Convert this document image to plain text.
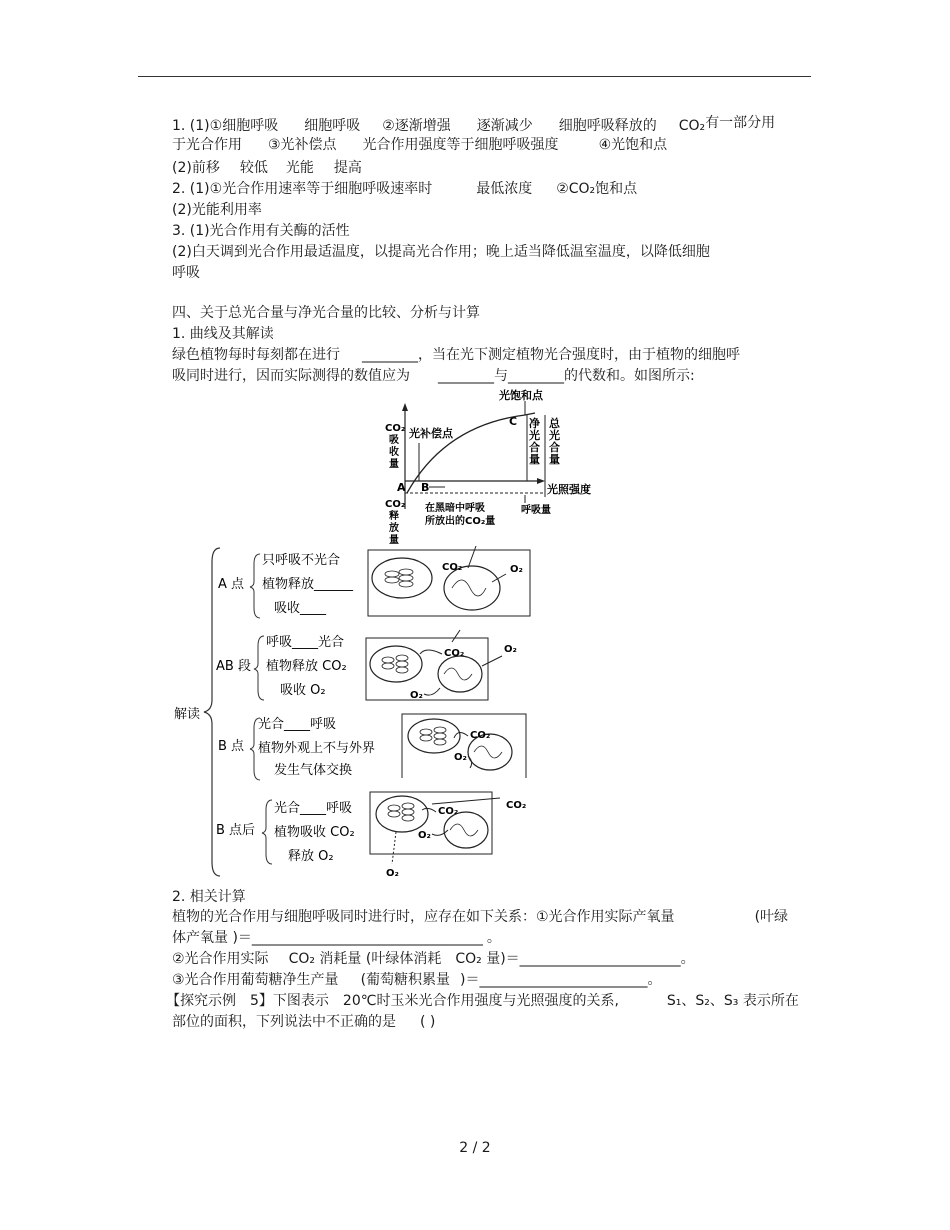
1. (1)①细胞呼吸 细胞呼吸 ②逐渐增强 逐渐减少 细胞呼吸释放的 CO₂有一部分用
于光合作用 ③光补偿点 光合作用强度等于细胞呼吸强度	④光饱和点
(2)前移 较低 光能 提高
2. (1)①光合作用速率等于细胞呼吸速率时	最低浓度 ②CO₂饱和点
(2)光能利用率
3. (1)光合作用有关酶的活性
(2)白天调到光合作用最适温度，以提高光合作用；晚上适当降低温室温度，以降低细胞
呼吸
四、关于总光合量与净光合量的比较、分析与计算
1. 曲线及其解读
绿色植物每时每刻都在进行 ________，当在光下测定植物光合强度时，由于植物的细胞呼
吸同时进行，因而实际测得的数值应为 ________与________的代数和。如图所示:
光饱和点
C
CO₂ 吸 收 量
光补偿点
净 光 合 量
总 光 合 量
A B	光照强度
CO₂ 释 放 量
在黑暗中呼吸
所放出的CO₂量
呼吸量
解读
A 点
只呼吸不光合
植物释放______
吸收____
CO₂	O₂
AB 段
呼吸____光合
植物释放 CO₂
吸收 O₂
CO₂
O₂
O₂
B 点
光合____呼吸
植物外观上不与外界
发生气体交换
CO₂
O₂
B 点后
光合____呼吸
植物吸收 CO₂
释放 O₂
CO₂
CO₂
O₂
O₂
2. 相关计算
植物的光合作用与细胞呼吸同时进行时，应存在如下关系：①光合作用实际产氧量	(叶绿
体产氧量 )＝_________________________________ 。
②光合作用实际 CO₂ 消耗量 (叶绿体消耗 CO₂ 量)＝_______________________。
③光合作用葡萄糖净生产量 (葡萄糖积累量 )＝________________________。
【探究示例 5】下图表示 20℃时玉米光合作用强度与光照强度的关系,	S₁、S₂、S₃ 表示所在
部位的面积，下列说法中不正确的是 ( )
2 / 2
